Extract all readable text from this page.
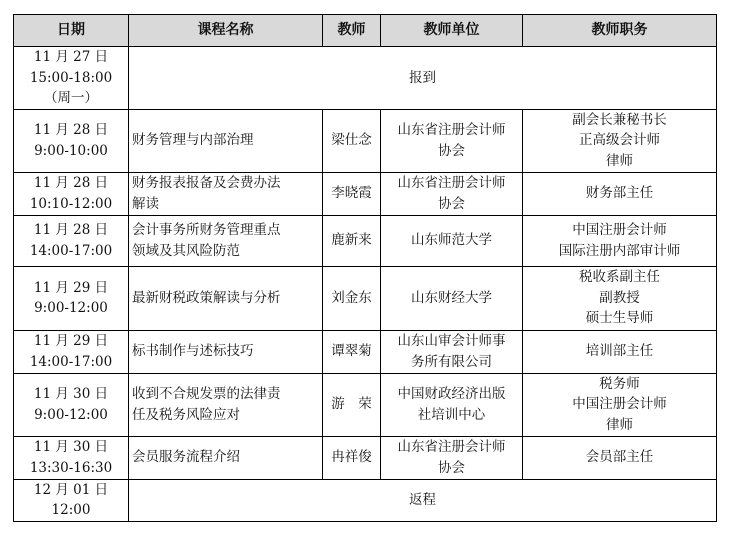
日期	课程名称	教师	教师单位	教师职务

11 月 27 日
15:00-18:00
（周一）	报到			

11 月 28 日
9:00-10:00	财务管理与内部治理	梁仕念	山东省注册会计师
协会	副会长兼秘书长
正高级会计师
律师

11 月 28 日
10:10-12:00	财务报表报备及会费办法
解读	李晓霞	山东省注册会计师
协会	财务部主任

11 月 28 日
14:00-17:00	会计事务所财务管理重点
领域及其风险防范	鹿新来	山东师范大学	中国注册会计师
国际注册内部审计师

11 月 29 日
9:00-12:00	最新财税政策解读与分析	刘金东	山东财经大学	税收系副主任
副教授
硕士生导师

11 月 29 日
14:00-17:00	标书制作与述标技巧	谭翠菊	山东山审会计师事
务所有限公司	培训部主任

11 月 30 日
9:00-12:00	收到不合规发票的法律责
任及税务风险应对	游　荣	中国财政经济出版
社培训中心	税务师
中国注册会计师
律师

11 月 30 日
13:30-16:30	会员服务流程介绍	冉祥俊	山东省注册会计师
协会	会员部主任

12 月 01 日
12:00	返程			
